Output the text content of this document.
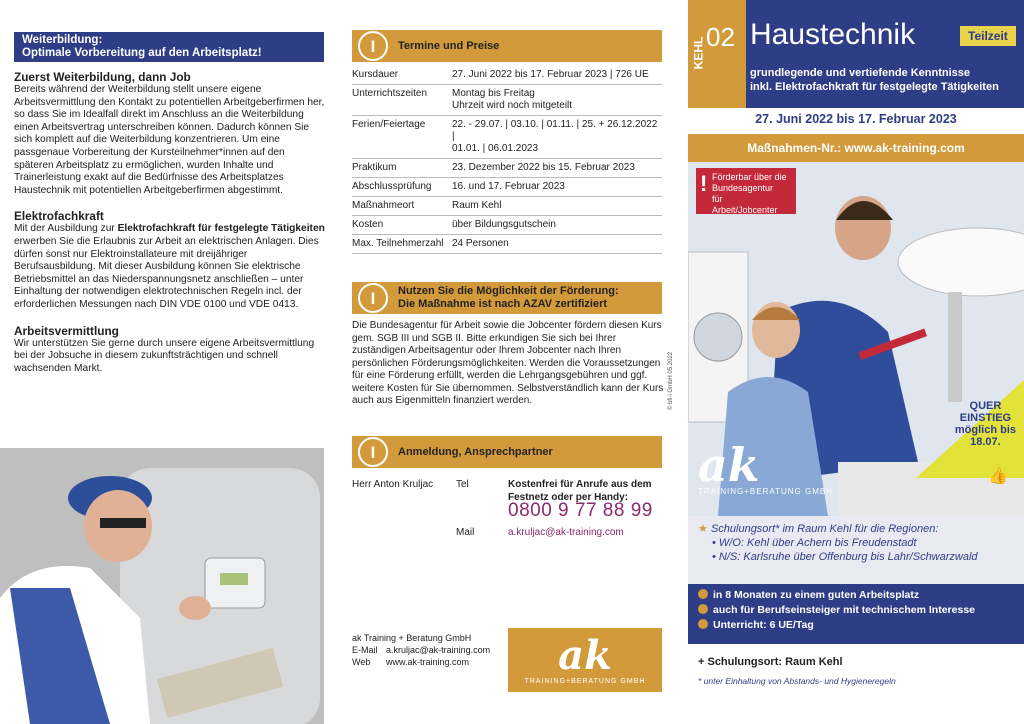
Weiterbildung:
Optimale Vorbereitung auf den Arbeitsplatz!
Zuerst Weiterbildung, dann Job

Bereits während der Weiterbildung stellt unsere eigene Arbeitsvermittlung den Kontakt zu potentiellen Arbeitgeberfirmen her, so dass Sie im Idealfall direkt im Anschluss an die Weiterbildung einen Arbeitsvertrag unterschreiben können. Dadurch können Sie sich komplett auf die Weiterbildung konzentrieren. Um eine passgenaue Vorbereitung der Kursteilnehmer*innen auf den späteren Arbeitsplatz zu ermöglichen, wurden Inhalte und Trainerleistung exakt auf die Bedürfnisse des Arbeitsplatzes Haustechnik mit potentiellen Arbeitgeberfirmen abgestimmt.

Elektrofachkraft

Mit der Ausbildung zur Elektrofachkraft für festgelegte Tätigkeiten erwerben Sie die Erlaubnis zur Arbeit an elektrischen Anlagen. Dies dürfen sonst nur Elektroinstallateure mit dreijähriger Berufsausbildung. Mit dieser Ausbildung können Sie elektrische Betriebsmittel an das Niederspannungsnetz anschließen – unter Einhaltung der notwendigen elektrotechnischen Regeln incl. der erforderlichen Messungen nach DIN VDE 0100 und VDE 0413.

Arbeitsvermittlung

Wir unterstützen Sie gerne durch unsere eigene Arbeitsvermittlung bei der Jobsuche in diesem zukunftsträchtigen und schnell wachsenden Markt.

I	Termine und Preise
Kursdauer	27. Juni 2022 bis 17. Februar 2023 | 726 UE
Unterrichtszeiten	Montag bis Freitag
Uhrzeit wird noch mitgeteilt
Ferien/Feiertage	22. - 29.07. | 03.10. | 01.11. | 25. + 26.12.2022 |
01.01. | 06.01.2023
Praktikum	23. Dezember 2022 bis 15. Februar 2023
Abschlussprüfung	16. und 17. Februar 2023
Maßnahmeort	Raum Kehl
Kosten	über Bildungsgutschein
Max. Teilnehmerzahl	24 Personen
I	Nutzen Sie die Möglichkeit der Förderung:
Die Maßnahme ist nach AZAV zertifiziert
Die Bundesagentur für Arbeit sowie die Jobcenter fördern diesen Kurs gem. SGB III und SGB II. Bitte erkundigen Sie sich bei Ihrer zuständigen Arbeitsagentur oder Ihrem Jobcenter nach Ihren persönlichen Förderungsmöglichkeiten. Werden die Voraussetzungen für eine Förderung erfüllt, werden die Lehrgangsgebühren und ggf. weitere Kosten für Sie übernommen. Selbstverständlich kann der Kurs auch aus Eigenmitteln finanziert werden.
I	Anmeldung, Ansprechpartner
Herr Anton Kruljac Tel	Kostenfrei für Anrufe aus dem Festnetz oder per Handy:
0800 9 77 88 99
Mail	a.kruljac@ak-training.com
ak Training + Beratung GmbH
E-Mail a.kruljac@ak-training.com
Web www.ak-training.com	ak
TRAINING+BERATUNG GMBH
© bfi-l GmbH 05.2022
KEHL 02 Haustechnik	Teilzeit
grundlegende und vertiefende Kenntnisse
inkl. Elektrofachkraft für festgelegte Tätigkeiten
27. Juni 2022 bis 17. Februar 2023
Maßnahmen-Nr.: www.ak-training.com
! Förderbar über die
Bundesagentur
für Arbeit/Jobcenter
QUER
EINSTIEG
möglich bis
18.07.
👍
ak
TRAINING+BERATUNG GMBH
★ Schulungsort* im Raum Kehl für die Regionen:
• W/O: Kehl über Achern bis Freudenstadt
• N/S: Karlsruhe über Offenburg bis Lahr/Schwarzwald
in 8 Monaten zu einem guten Arbeitsplatz
auch für Berufseinsteiger mit technischem Interesse
Unterricht: 6 UE/Tag
+ Schulungsort: Raum Kehl
* unter Einhaltung von Abstands- und Hygieneregeln
